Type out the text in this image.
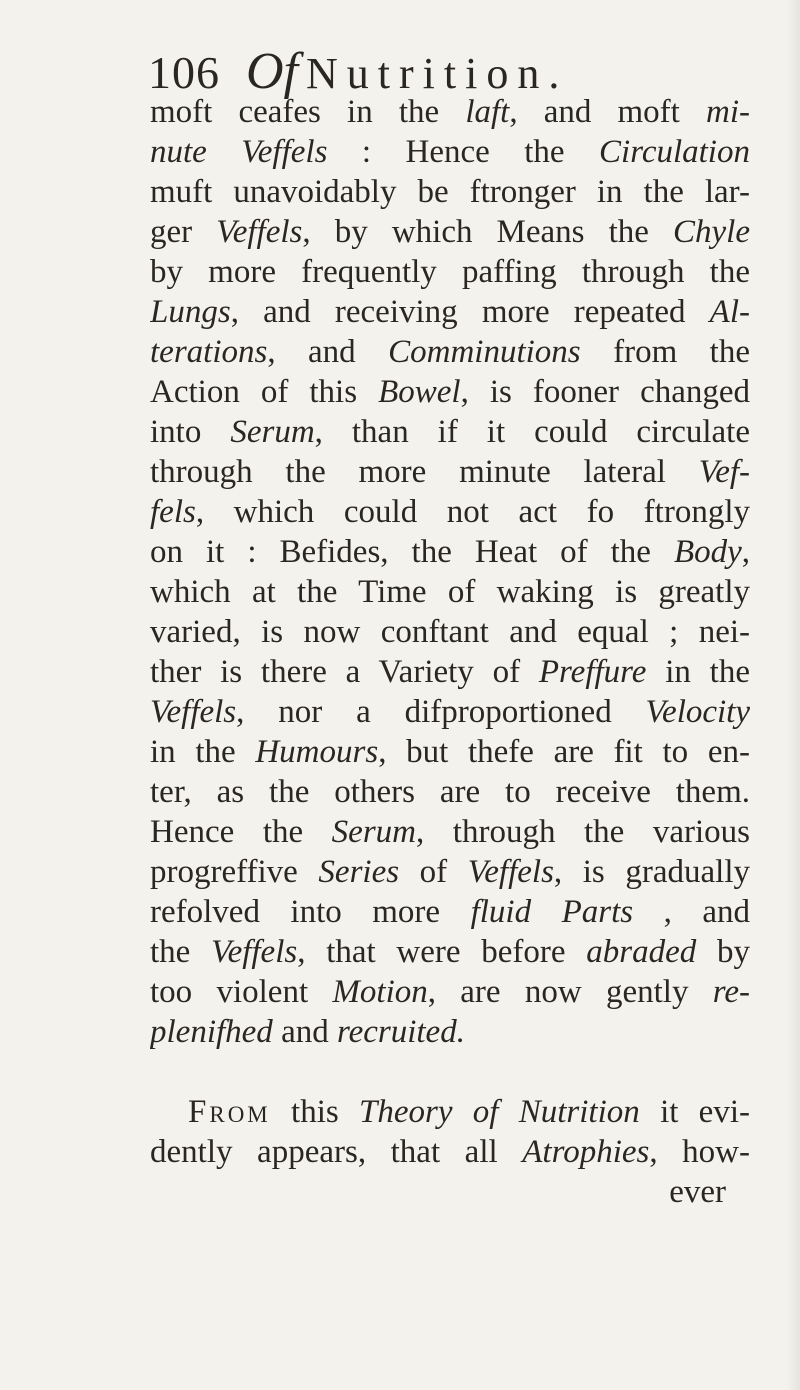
106 Of Nutrition.
moft ceafes in the laft, and moft mi-
nute Veffels : Hence the Circulation
muft unavoidably be ftronger in the lar-
ger Veffels, by which Means the Chyle
by more frequently paffing through the
Lungs, and receiving more repeated Al-
terations, and Comminutions from the
Action of this Bowel, is fooner changed
into Serum, than if it could circulate
through the more minute lateral Vef-
fels, which could not act fo ftrongly
on it : Befides, the Heat of the Body,
which at the Time of waking is greatly
varied, is now conftant and equal ; nei-
ther is there a Variety of Preffure in the
Veffels, nor a difproportioned Velocity
in the Humours, but thefe are fit to en-
ter, as the others are to receive them.
Hence the Serum, through the various
progreffive Series of Veffels, is gradually
refolved into more fluid Parts , and
the Veffels, that were before abraded by
too violent Motion, are now gently re-
plenifhed and recruited.
From this Theory of Nutrition it evi-
dently appears, that all Atrophies, how-
ever
